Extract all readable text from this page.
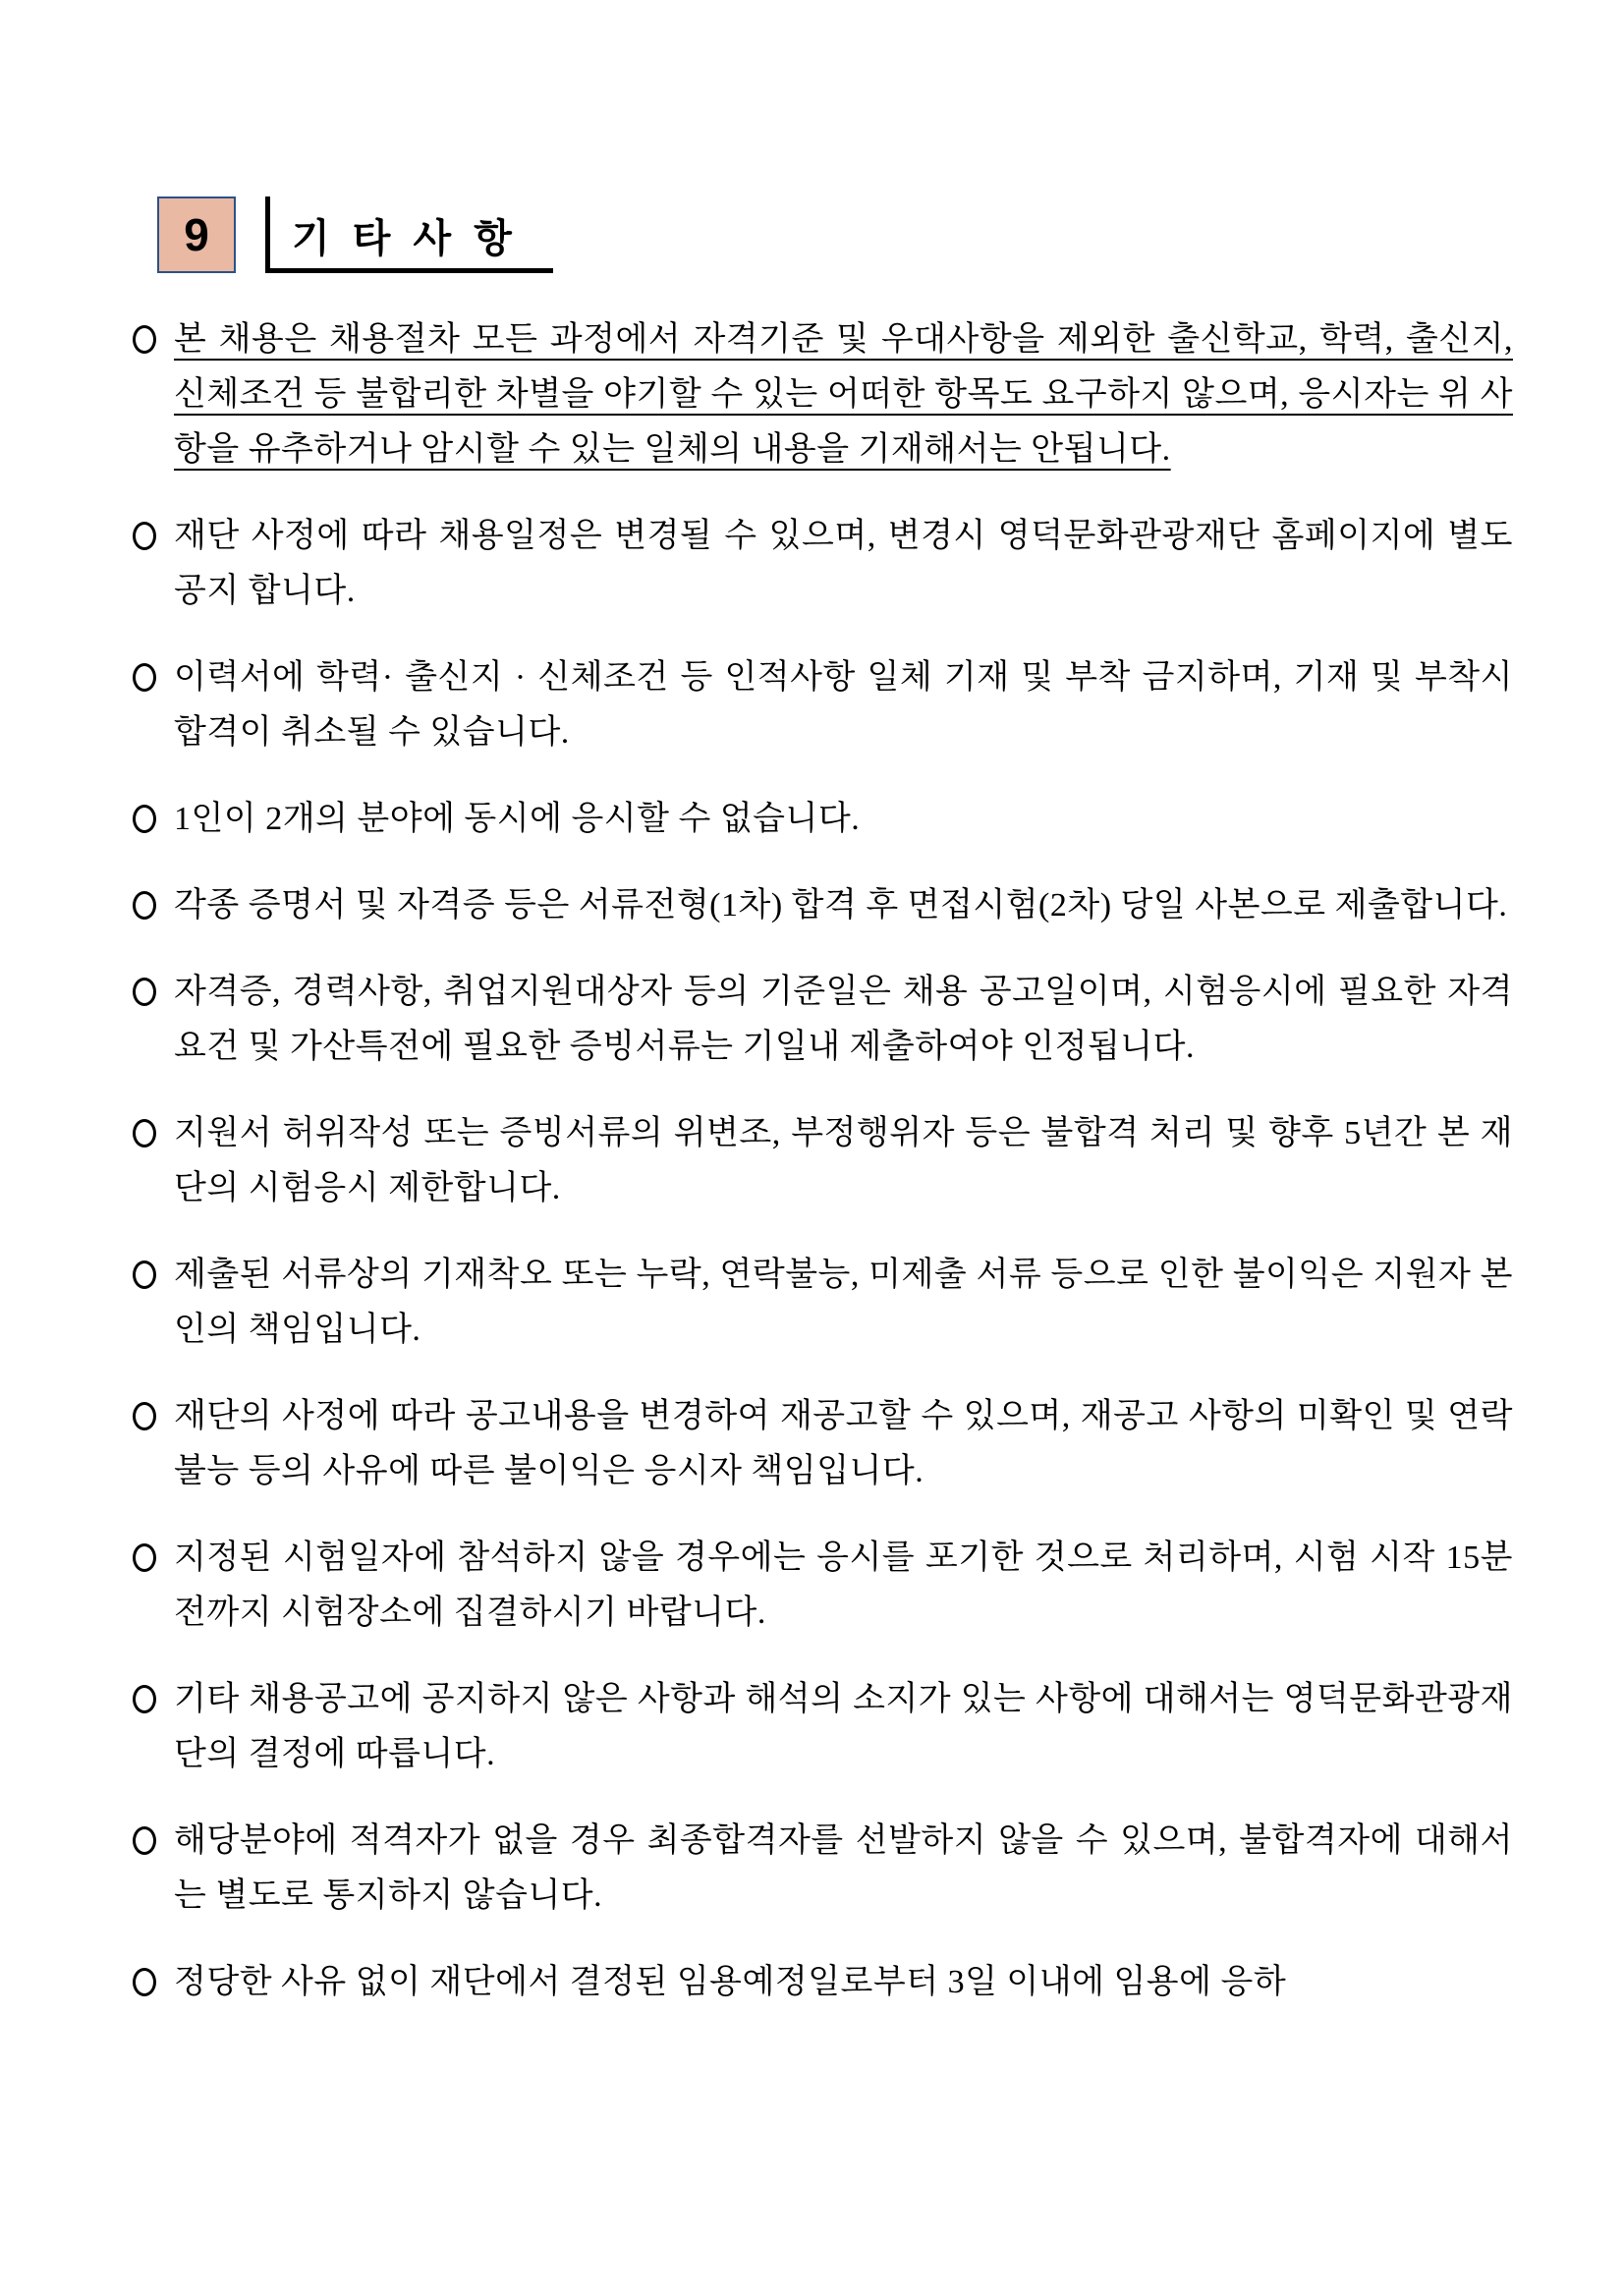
9 기 타 사 항
본 채용은 채용절차 모든 과정에서 자격기준 및 우대사항을 제외한 출신학교, 학력, 출신지, 신체조건 등 불합리한 차별을 야기할 수 있는 어떠한 항목도 요구하지 않으며, 응시자는 위 사항을 유추하거나 암시할 수 있는 일체의 내용을 기재해서는 안됩니다.
재단 사정에 따라 채용일정은 변경될 수 있으며, 변경시 영덕문화관광재단 홈페이지에 별도 공지 합니다.
이력서에 학력· 출신지 · 신체조건 등 인적사항 일체 기재 및 부착 금지하며, 기재 및 부착시 합격이 취소될 수 있습니다.
1인이 2개의 분야에 동시에 응시할 수 없습니다.
각종 증명서 및 자격증 등은 서류전형(1차) 합격 후 면접시험(2차) 당일 사본으로 제출합니다.
자격증, 경력사항, 취업지원대상자 등의 기준일은 채용 공고일이며, 시험응시에 필요한 자격요건 및 가산특전에 필요한 증빙서류는 기일내 제출하여야 인정됩니다.
지원서 허위작성 또는 증빙서류의 위변조, 부정행위자 등은 불합격 처리 및 향후 5년간 본 재단의 시험응시 제한합니다.
제출된 서류상의 기재착오 또는 누락, 연락불능, 미제출 서류 등으로 인한 불이익은 지원자 본인의 책임입니다.
재단의 사정에 따라 공고내용을 변경하여 재공고할 수 있으며, 재공고 사항의 미확인 및 연락 불능 등의 사유에 따른 불이익은 응시자 책임입니다.
지정된 시험일자에 참석하지 않을 경우에는 응시를 포기한 것으로 처리하며, 시험 시작 15분전까지 시험장소에 집결하시기 바랍니다.
기타 채용공고에 공지하지 않은 사항과 해석의 소지가 있는 사항에 대해서는 영덕문화관광재단의 결정에 따릅니다.
해당분야에 적격자가 없을 경우 최종합격자를 선발하지 않을 수 있으며, 불합격자에 대해서는 별도로 통지하지 않습니다.
정당한 사유 없이 재단에서 결정된 임용예정일로부터 3일 이내에 임용에 응하
